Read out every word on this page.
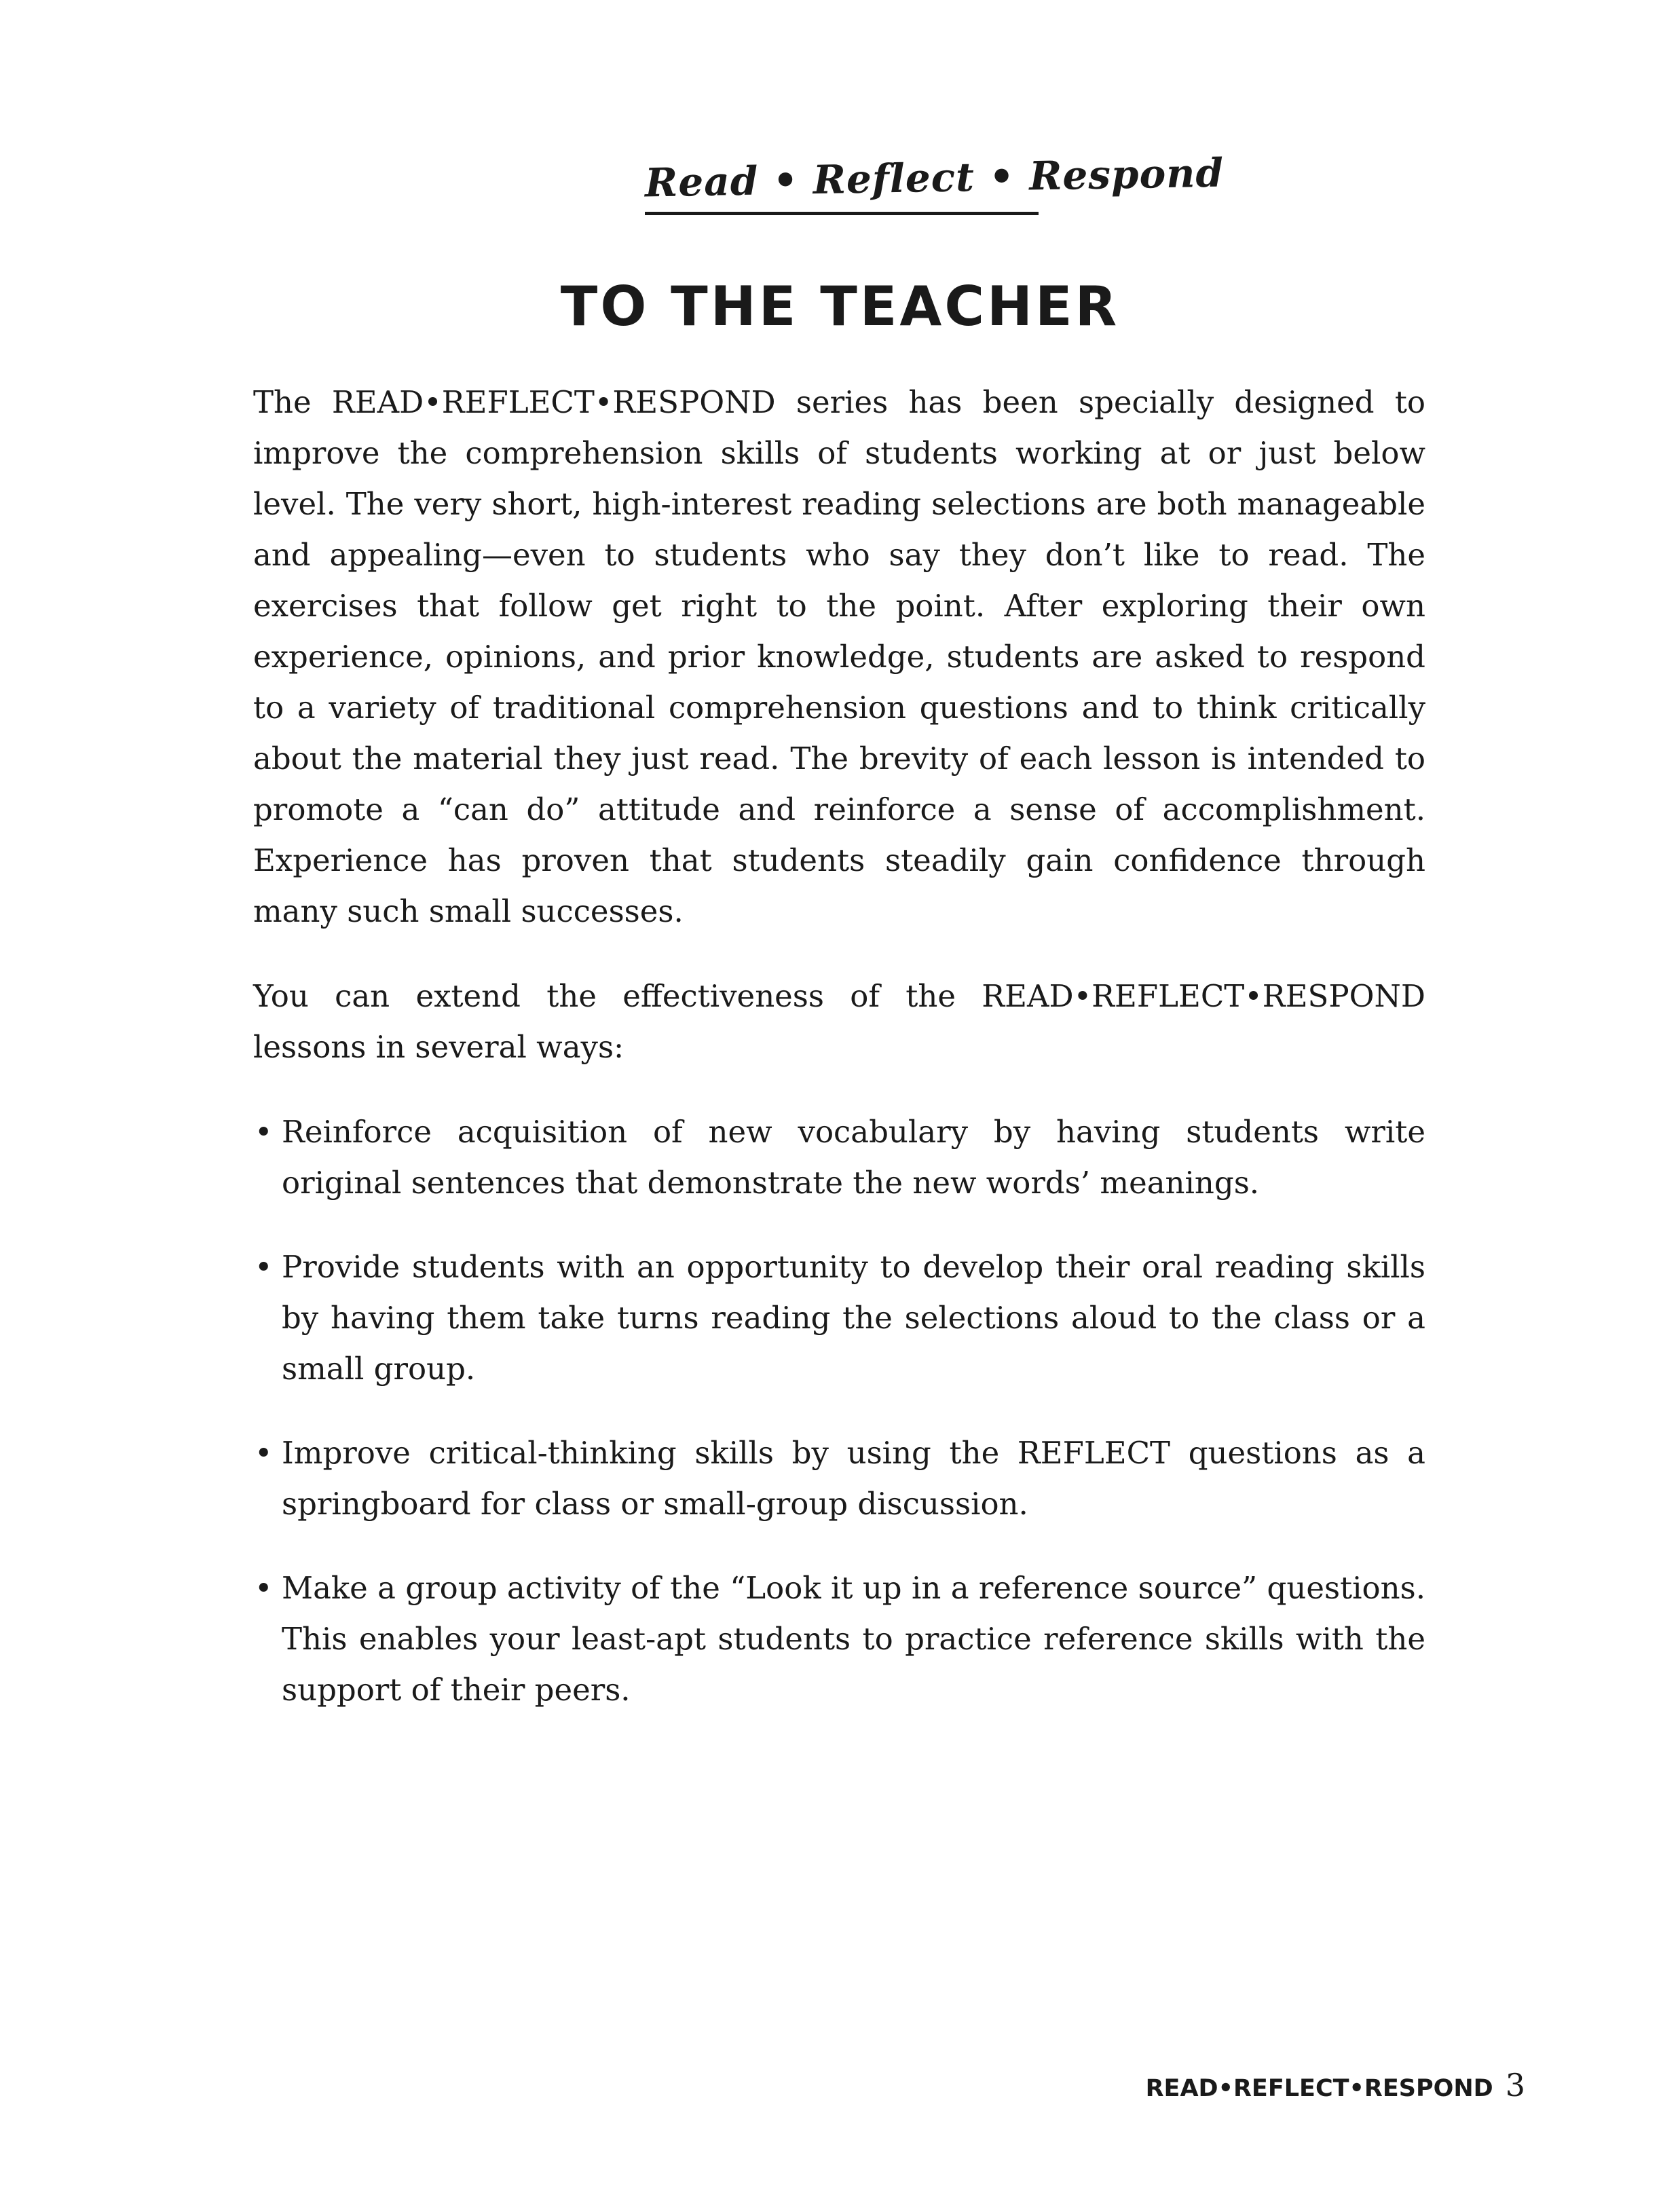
Read • Reflect • Respond
TO THE TEACHER

The READ•REFLECT•RESPOND series has been specially designed to improve the comprehension skills of students working at or just below level. The very short, high-interest reading selections are both manageable and appealing—even to students who say they don’t like to read. The exercises that follow get right to the point. After exploring their own experience, opinions, and prior knowledge, students are asked to respond to a variety of traditional comprehension questions and to think critically about the material they just read. The brevity of each lesson is intended to promote a “can do” attitude and reinforce a sense of accomplishment. Experience has proven that students steadily gain confidence through many such small successes.

You can extend the effectiveness of the READ•REFLECT•RESPOND lessons in several ways:

• Reinforce acquisition of new vocabulary by having students write original sentences that demonstrate the new words’ meanings.
• Provide students with an opportunity to develop their oral reading skills by having them take turns reading the selections aloud to the class or a small group.
• Improve critical-thinking skills by using the REFLECT questions as a springboard for class or small-group discussion.
• Make a group activity of the “Look it up in a reference source” questions. This enables your least-apt students to practice reference skills with the support of their peers.
READ•REFLECT•RESPOND 3
